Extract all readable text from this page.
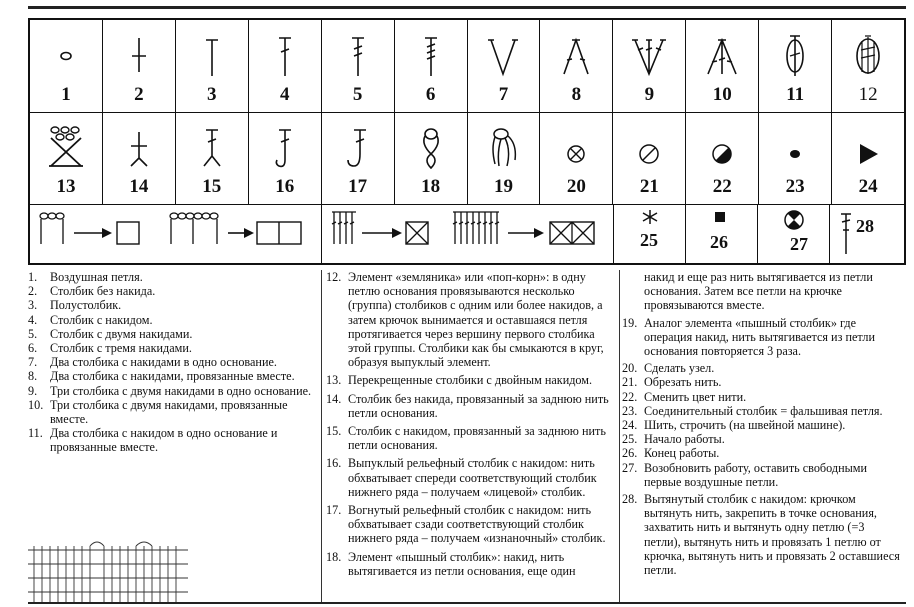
1	2	3	4	5	6	7	8	9	10	11	12
13	14	15	16	17	18	19	20	21	22	23	24
25	26	27
28
1.	Воздушная петля.
2.	Столбик без накида.
3.	Полустолбик.
4.	Столбик с накидом.
5.	Столбик с двумя накидами.
6.	Столбик с тремя накидами.
7.	Два столбика с накидами в одно основание.
8.	Два столбика с накидами, провязанные вместе.
9.	Три столбика с двумя накидами в одно основание.
10. Три столбика с двумя накидами, провязанные вместе.
11. Два столбика с накидом в одно основание и провязанные вместе.
12. Элемент «земляника» или «поп-корн»: в одну петлю основания провязываются несколько (группа) столбиков с одним или более накидов, а затем крючок вынимается и оставшаяся петля протягивается через вершину первого столбика этой группы. Столбики как бы смыкаются в круг, образуя выпуклый элемент.
13. Перекрещенные столбики с двойным накидом.
14. Столбик без накида, провязанный за заднюю нить петли основания.
15. Столбик с накидом, провязанный за заднюю нить петли основания.
16. Выпуклый рельефный столбик с накидом: нить обхватывает спереди соответствующий столбик нижнего ряда – получаем «лицевой» столбик.
17. Вогнутый рельефный столбик с накидом: нить обхватывает сзади соответствующий столбик нижнего ряда – получаем «изнаночный» столбик.
18. Элемент «пышный столбик»: накид, нить вытягивается из петли основания, еще один
накид и еще раз нить вытягивается из петли основания. Затем все петли на крючке провязываются вместе.
19. Аналог элемента «пышный столбик» где операция накид, нить вытягивается из петли основания повторяется 3 раза.
20. Сделать узел.
21. Обрезать нить.
22. Сменить цвет нити.
23. Соединительный столбик = фальшивая петля.
24. Шить, строчить (на швейной машине).
25. Начало работы.
26. Конец работы.
27. Возобновить работу, оставить свободными первые воздушные петли.
28. Вытянутый столбик с накидом: крючком вытянуть нить, закрепить в точке основания, захватить нить и вытянуть одну петлю (=3 петли), вытянуть нить и провязать 1 петлю от крючка, вытянуть нить и провязать 2 оставшиеся петли.
